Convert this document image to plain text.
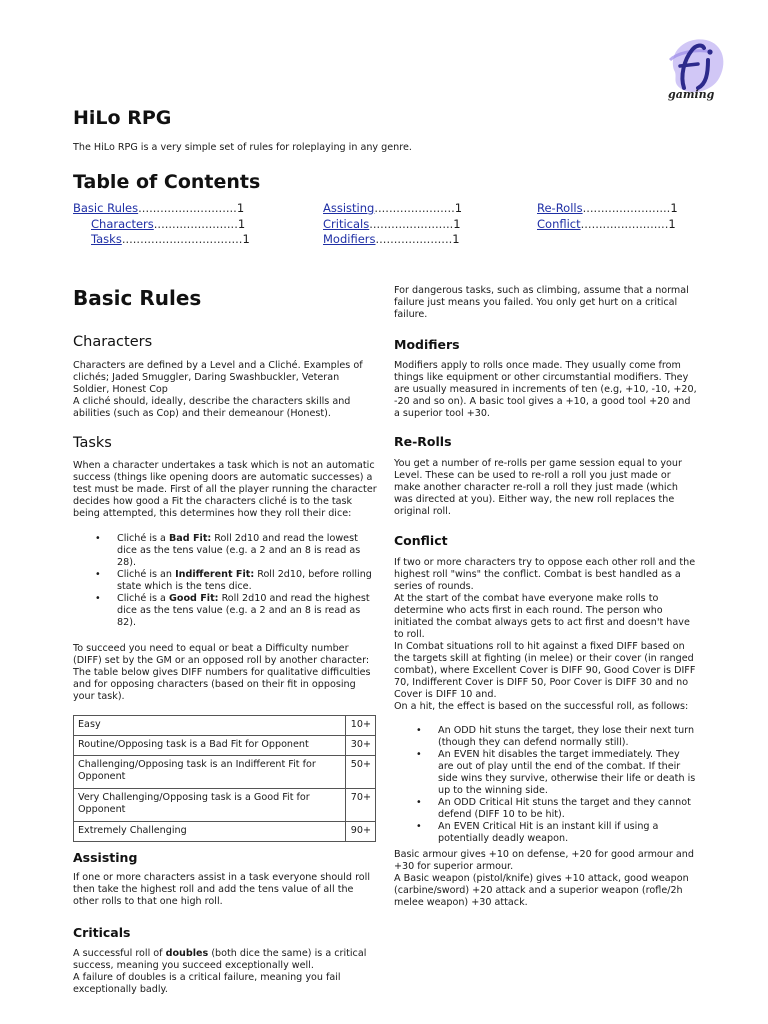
gaming
HiLo RPG
The HiLo RPG is a very simple set of rules for roleplaying in any genre.
Table of Contents
Basic Rules...........................1
Characters.......................1
Tasks.................................1
Assisting......................1
Criticals.......................1
Modifiers.....................1
Re-Rolls........................1
Conflict........................1
Basic Rules
Characters
Characters are defined by a Level and a Cliché. Examples of clichés; Jaded Smuggler, Daring Swashbuckler, Veteran Soldier, Honest Cop
A cliché should, ideally, describe the characters skills and abilities (such as Cop) and their demeanour (Honest).
Tasks
When a character undertakes a task which is not an automatic success (things like opening doors are automatic successes) a test must be made. First of all the player running the character decides how good a Fit the characters cliché is to the task being attempted, this determines how they roll their dice:
• Cliché is a Bad Fit: Roll 2d10 and read the lowest dice as the tens value (e.g. a 2 and an 8 is read as 28).
• Cliché is an Indifferent Fit: Roll 2d10, before rolling state which is the tens dice.
• Cliché is a Good Fit: Roll 2d10 and read the highest dice as the tens value (e.g. a 2 and an 8 is read as 82).
To succeed you need to equal or beat a Difficulty number (DIFF) set by the GM or an opposed roll by another character: The table below gives DIFF numbers for qualitative difficulties and for opposing characters (based on their fit in opposing your task).
Easy	10+
Routine/Opposing task is a Bad Fit for Opponent	30+
Challenging/Opposing task is an Indifferent Fit for Opponent	50+
Very Challenging/Opposing task is a Good Fit for Opponent	70+
Extremely Challenging	90+
Assisting
If one or more characters assist in a task everyone should roll then take the highest roll and add the tens value of all the other rolls to that one high roll.
Criticals
A successful roll of doubles (both dice the same) is a critical success, meaning you succeed exceptionally well.
A failure of doubles is a critical failure, meaning you fail exceptionally badly.
For dangerous tasks, such as climbing, assume that a normal failure just means you failed. You only get hurt on a critical failure.
Modifiers
Modifiers apply to rolls once made. They usually come from things like equipment or other circumstantial modifiers. They are usually measured in increments of ten (e.g, +10, -10, +20, -20 and so on). A basic tool gives a +10, a good tool +20 and a superior tool +30.
Re-Rolls
You get a number of re-rolls per game session equal to your Level. These can be used to re-roll a roll you just made or make another character re-roll a roll they just made (which was directed at you). Either way, the new roll replaces the original roll.
Conflict
If two or more characters try to oppose each other roll and the highest roll "wins" the conflict. Combat is best handled as a series of rounds.
At the start of the combat have everyone make rolls to determine who acts first in each round. The person who initiated the combat always gets to act first and doesn't have to roll.
In Combat situations roll to hit against a fixed DIFF based on the targets skill at fighting (in melee) or their cover (in ranged combat), where Excellent Cover is DIFF 90, Good Cover is DIFF 70, Indifferent Cover is DIFF 50, Poor Cover is DIFF 30 and no Cover is DIFF 10 and.
On a hit, the effect is based on the successful roll, as follows:
• An ODD hit stuns the target, they lose their next turn (though they can defend normally still).
• An EVEN hit disables the target immediately. They are out of play until the end of the combat. If their side wins they survive, otherwise their life or death is up to the winning side.
• An ODD Critical Hit stuns the target and they cannot defend (DIFF 10 to be hit).
• An EVEN Critical Hit is an instant kill if using a potentially deadly weapon.
Basic armour gives +10 on defense, +20 for good armour and +30 for superior armour.
A Basic weapon (pistol/knife) gives +10 attack, good weapon (carbine/sword) +20 attack and a superior weapon (rofle/2h melee weapon) +30 attack.
